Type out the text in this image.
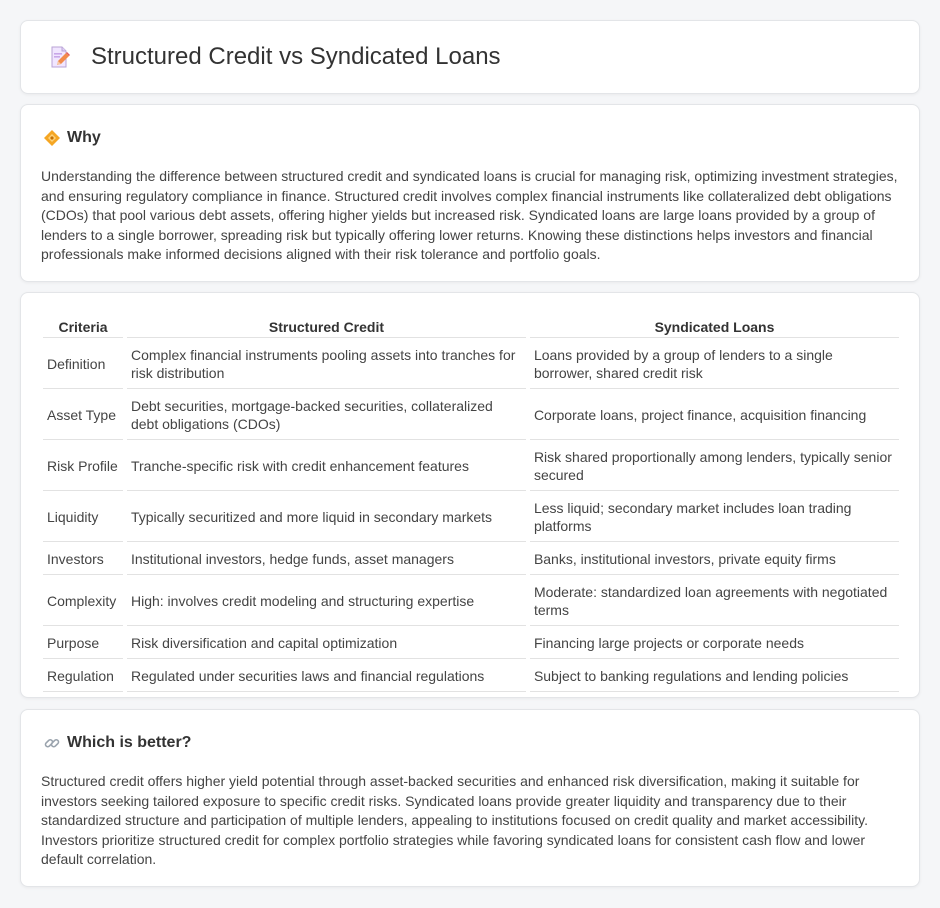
Structured Credit vs Syndicated Loans
Why

Understanding the difference between structured credit and syndicated loans is crucial for managing risk, optimizing investment strategies, and ensuring regulatory compliance in finance. Structured credit involves complex financial instruments like collateralized debt obligations (CDOs) that pool various debt assets, offering higher yields but increased risk. Syndicated loans are large loans provided by a group of lenders to a single borrower, spreading risk but typically offering lower returns. Knowing these distinctions helps investors and financial professionals make informed decisions aligned with their risk tolerance and portfolio goals.

Criteria	Structured Credit	Syndicated Loans
Definition	Complex financial instruments pooling assets into tranches for risk distribution	Loans provided by a group of lenders to a single borrower, shared credit risk
Asset Type	Debt securities, mortgage-backed securities, collateralized debt obligations (CDOs)	Corporate loans, project finance, acquisition financing
Risk Profile	Tranche-specific risk with credit enhancement features	Risk shared proportionally among lenders, typically senior secured
Liquidity	Typically securitized and more liquid in secondary markets	Less liquid; secondary market includes loan trading platforms
Investors	Institutional investors, hedge funds, asset managers	Banks, institutional investors, private equity firms
Complexity	High: involves credit modeling and structuring expertise	Moderate: standardized loan agreements with negotiated terms
Purpose	Risk diversification and capital optimization	Financing large projects or corporate needs
Regulation	Regulated under securities laws and financial regulations	Subject to banking regulations and lending policies
Which is better?

Structured credit offers higher yield potential through asset-backed securities and enhanced risk diversification, making it suitable for investors seeking tailored exposure to specific credit risks. Syndicated loans provide greater liquidity and transparency due to their standardized structure and participation of multiple lenders, appealing to institutions focused on credit quality and market accessibility. Investors prioritize structured credit for complex portfolio strategies while favoring syndicated loans for consistent cash flow and lower default correlation.
